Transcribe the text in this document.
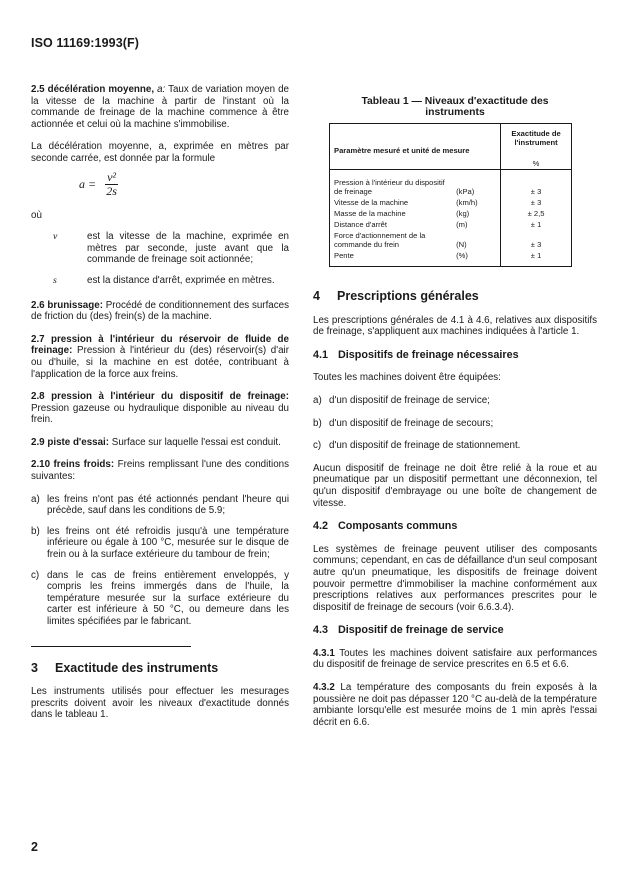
ISO 11169:1993(F)

2.5 décélération moyenne, a: Taux de variation moyen de la vitesse de la machine à partir de l'instant où la commande de freinage de la machine commence à être actionnée et celui où la machine s'immobilise.

La décélération moyenne, a, exprimée en mètres par seconde carrée, est donnée par la formule

$a = \frac{\text{v²}}{2s}$

où

v	est la vitesse de la machine, exprimée en mètres par seconde, juste avant que la commande de freinage soit actionnée;
s	est la distance d'arrêt, exprimée en mètres.

2.6 brunissage: Procédé de conditionnement des surfaces de friction du (des) frein(s) de la machine.

2.7 pression à l'intérieur du réservoir de fluide de freinage: Pression à l'intérieur du (des) réservoir(s) d'air ou d'huile, si la machine en est dotée, contribuant à l'application de la force aux freins.

2.8 pression à l'intérieur du dispositif de freinage: Pression gazeuse ou hydraulique disponible au niveau du frein.

2.9 piste d'essai: Surface sur laquelle l'essai est conduit.

2.10 freins froids: Freins remplissant l'une des conditions suivantes:

a) les freins n'ont pas été actionnés pendant l'heure qui précède, sauf dans les conditions de 5.9;
b) les freins ont été refroidis jusqu'à une température inférieure ou égale à 100 °C, mesurée sur le disque de frein ou à la surface extérieure du tambour de frein;
c) dans le cas de freins entièrement enveloppés, y compris les freins immergés dans de l'huile, la température mesurée sur la surface extérieure du carter est inférieure à 50 °C, ou demeure dans les limites spécifiées par le fabricant.
3	Exactitude des instruments

Les instruments utilisés pour effectuer les mesurages prescrits doivent avoir les niveaux d'exactitude donnés dans le tableau 1.

Tableau 1 — Niveaux d'exactitude des
instruments
Paramètre mesuré et unité de mesure		Exactitude de
l'instrument
%

Pression à l'intérieur du dispositif de freinage	(kPa)	± 3
Vitesse de la machine	(km/h)	± 3
Masse de la machine	(kg)	± 2,5
Distance d'arrêt	(m)	± 1
Force d'actionnement de la commande du frein	(N)	± 3
Pente	(%)	± 1
4	Prescriptions générales

Les prescriptions générales de 4.1 à 4.6, relatives aux dispositifs de freinage, s'appliquent aux machines indiquées à l'article 1.

4.1 Dispositifs de freinage nécessaires

Toutes les machines doivent être équipées:

a) d'un dispositif de freinage de service;
b) d'un dispositif de freinage de secours;
c) d'un dispositif de freinage de stationnement.

Aucun dispositif de freinage ne doit être relié à la roue et au pneumatique par un dispositif permettant une déconnexion, tel qu'un dispositif d'embrayage ou une boîte de changement de vitesse.

4.2 Composants communs

Les systèmes de freinage peuvent utiliser des composants communs; cependant, en cas de défaillance d'un seul composant autre qu'un pneumatique, les dispositifs de freinage doivent pouvoir permettre d'immobiliser la machine conformément aux prescriptions relatives aux performances prescrites pour le dispositif de freinage de secours (voir 6.6.3.4).

4.3 Dispositif de freinage de service

4.3.1 Toutes les machines doivent satisfaire aux performances du dispositif de freinage de service prescrites en 6.5 et 6.6.

4.3.2 La température des composants du frein exposés à la poussière ne doit pas dépasser 120 °C au-delà de la température ambiante lorsqu'elle est mesurée moins de 1 min après l'essai décrit en 6.6.

2
